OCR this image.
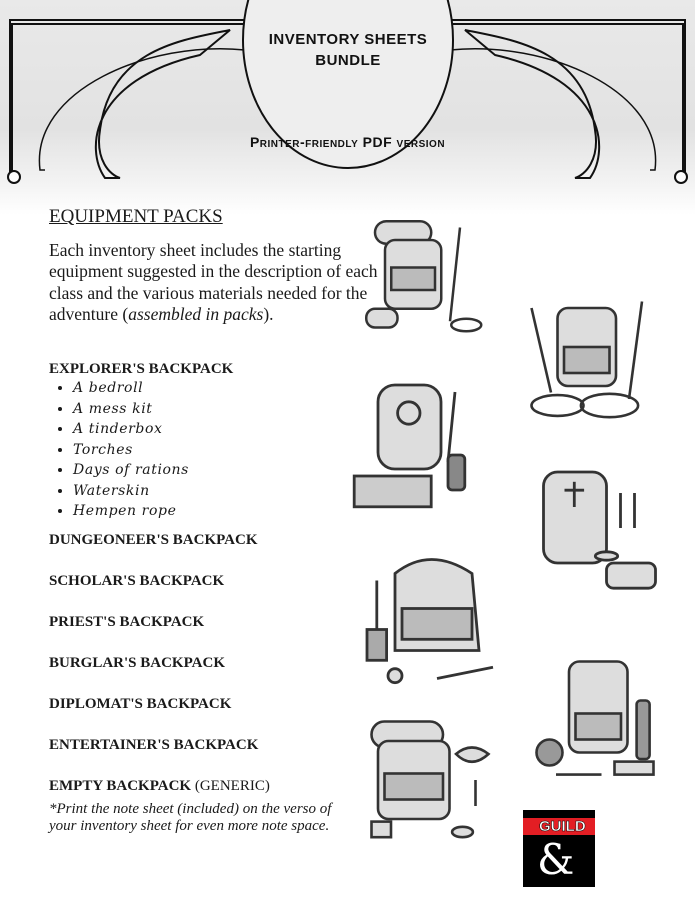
INVENTORY SHEETS
BUNDLE
Printer-friendly PDF version
EQUIPMENT PACKS
Each inventory sheet includes the starting equipment suggested in the description of each class and the various materials needed for the adventure (assembled in packs).
EXPLORER'S BACKPACK
• A bedroll
• A mess kit
• A tinderbox
• Torches
• Days of rations
• Waterskin
• Hempen rope
DUNGEONEER'S BACKPACK
SCHOLAR'S BACKPACK
PRIEST'S BACKPACK
BURGLAR'S BACKPACK
DIPLOMAT'S BACKPACK
ENTERTAINER'S BACKPACK
EMPTY BACKPACK (GENERIC)
*Print the note sheet (included) on the verso of
your inventory sheet for even more note space.	GUILD
&
